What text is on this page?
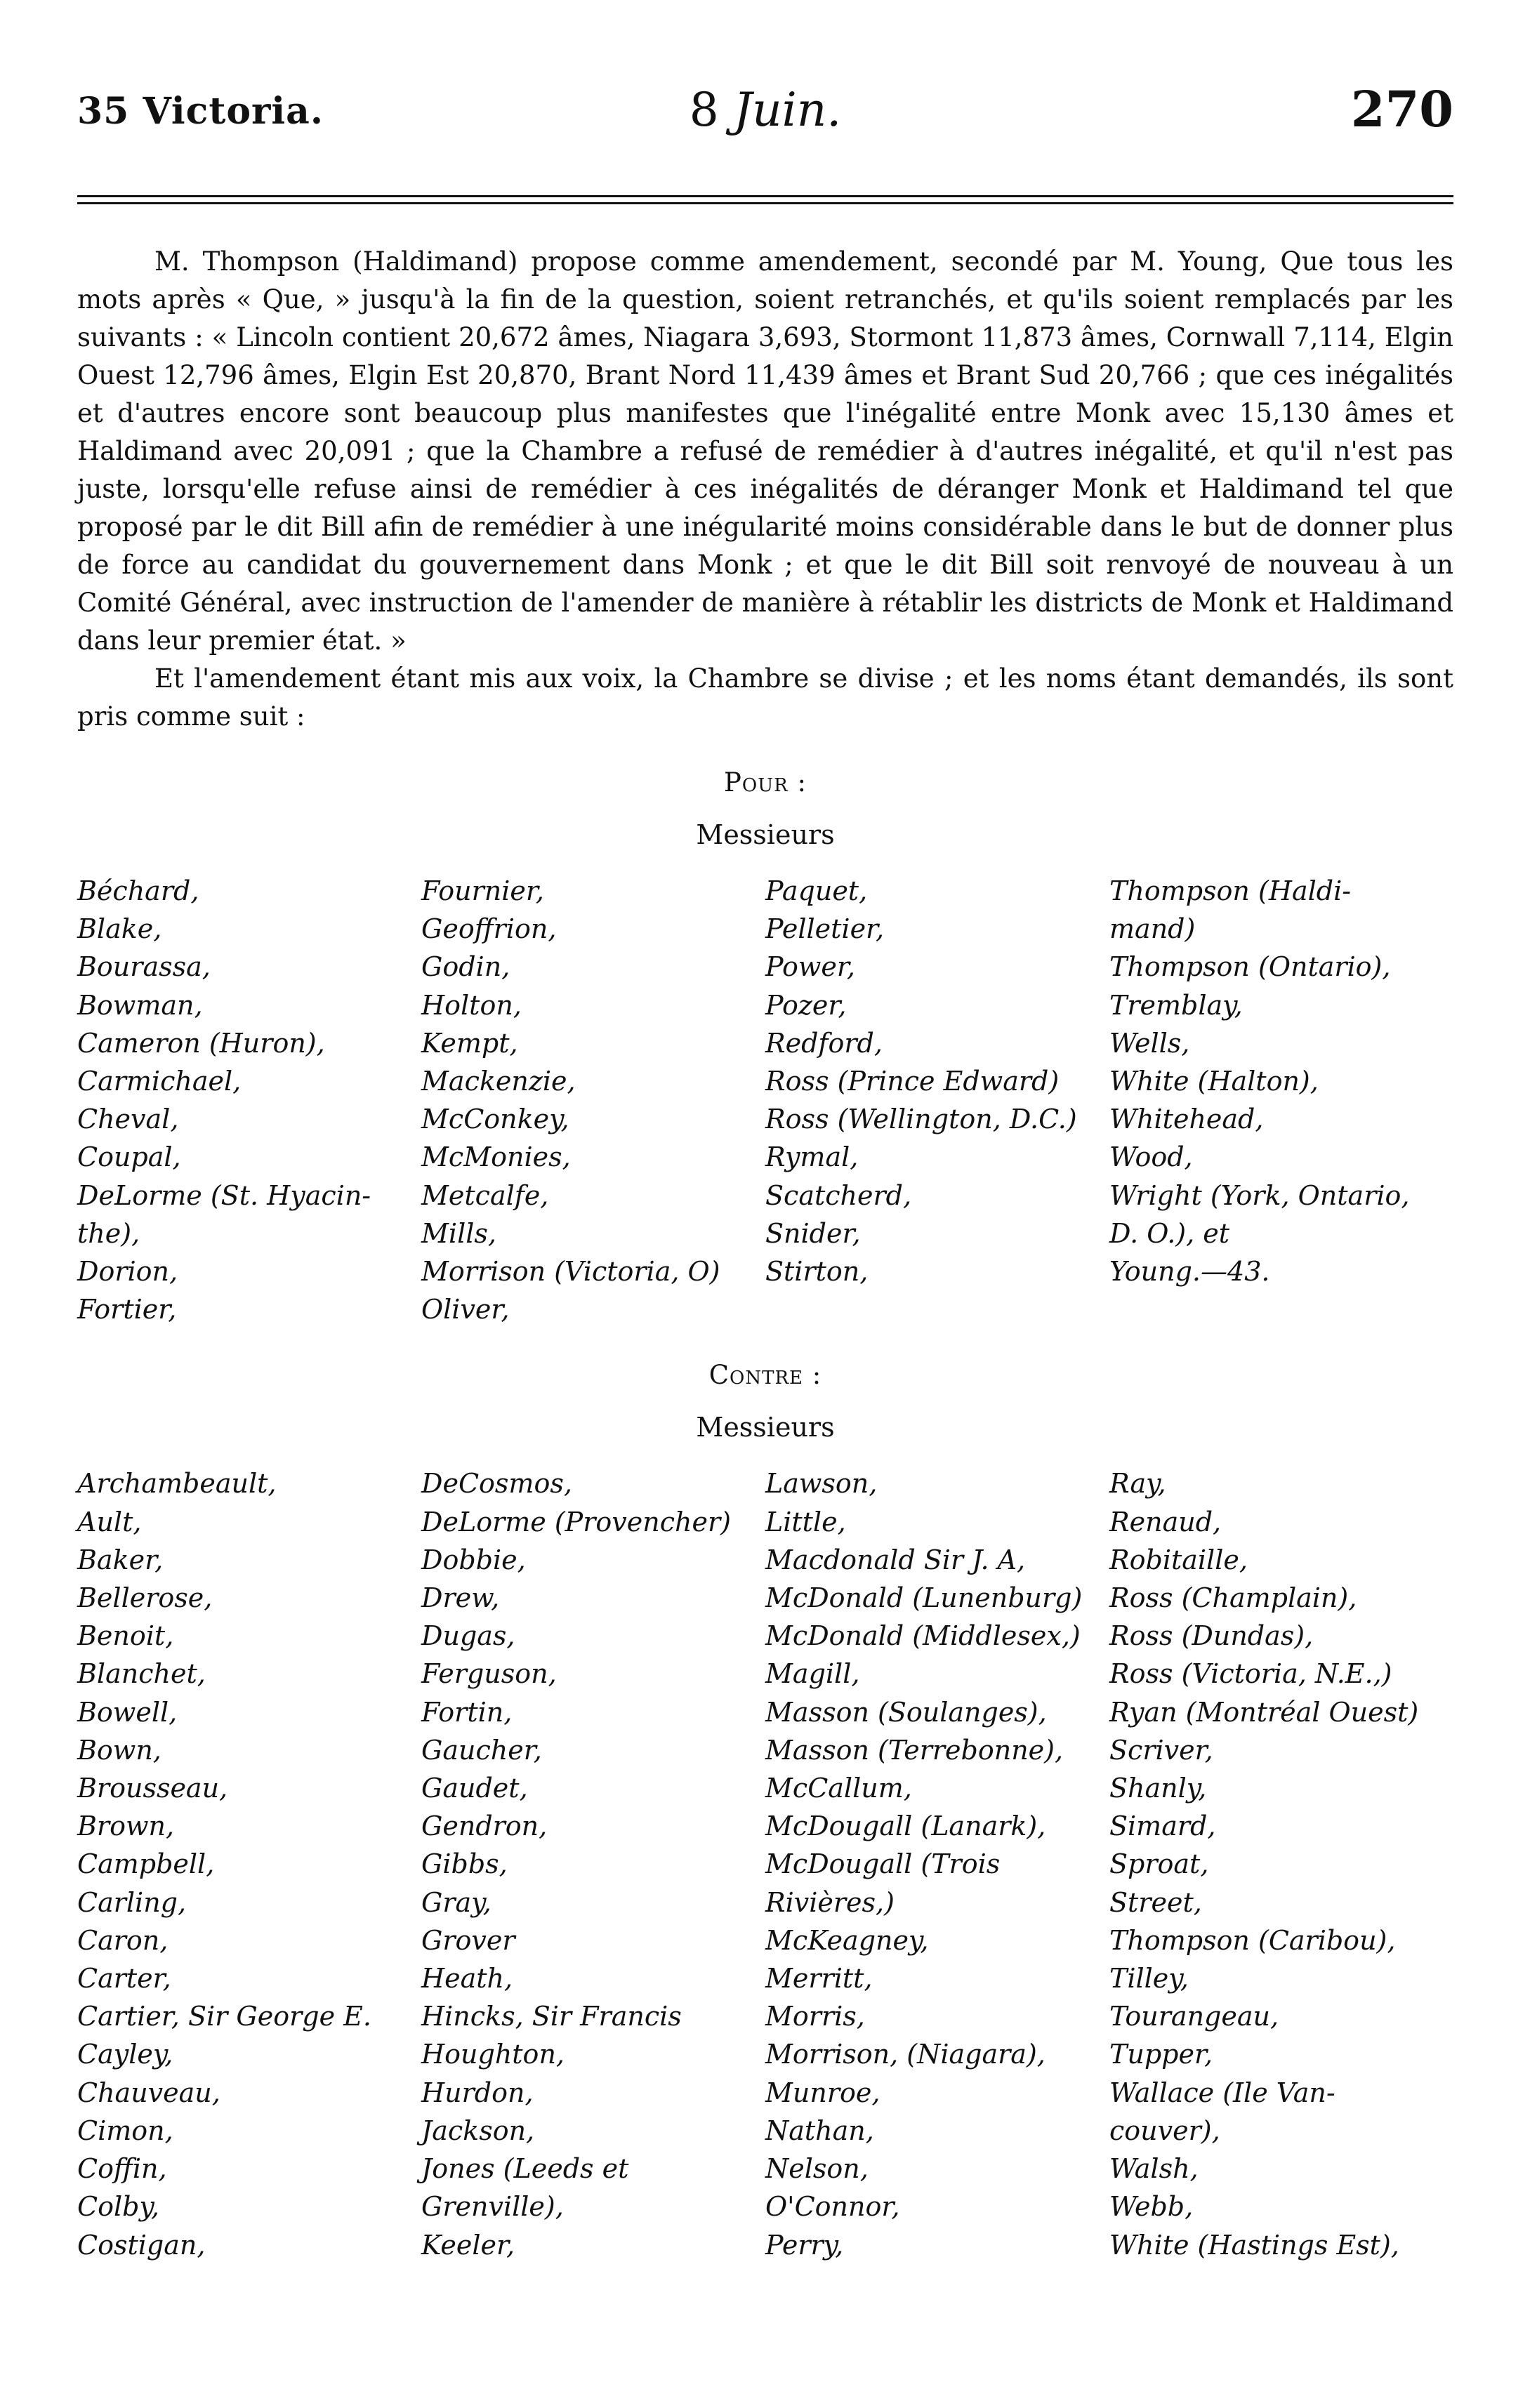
35 Victoria.	8 Juin.	270

M. Thompson (Haldimand) propose comme amendement, secondé par M. Young, Que tous les mots après « Que, » jusqu'à la fin de la question, soient retranchés, et qu'ils soient remplacés par les suivants : « Lincoln contient 20,672 âmes, Niagara 3,693, Stormont 11,873 âmes, Cornwall 7,114, Elgin Ouest 12,796 âmes, Elgin Est 20,870, Brant Nord 11,439 âmes et Brant Sud 20,766 ; que ces inégalités et d'autres encore sont beaucoup plus manifestes que l'inégalité entre Monk avec 15,130 âmes et Haldimand avec 20,091 ; que la Chambre a refusé de remédier à d'autres inégalité, et qu'il n'est pas juste, lorsqu'elle refuse ainsi de remédier à ces inégalités de déranger Monk et Haldimand tel que proposé par le dit Bill afin de remédier à une inégularité moins considérable dans le but de donner plus de force au candidat du gouvernement dans Monk ; et que le dit Bill soit renvoyé de nouveau à un Comité Général, avec instruction de l'amender de manière à rétablir les districts de Monk et Haldimand dans leur premier état. »

Et l'amendement étant mis aux voix, la Chambre se divise ; et les noms étant demandés, ils sont pris comme suit :

Pour :
Messieurs
Béchard,
Blake,
Bourassa,
Bowman,
Cameron (Huron),
Carmichael,
Cheval,
Coupal,
DeLorme (St. Hyacin-
the),
Dorion,
Fortier,
Fournier,
Geoffrion,
Godin,
Holton,
Kempt,
Mackenzie,
McConkey,
McMonies,
Metcalfe,
Mills,
Morrison (Victoria, O)
Oliver,
Paquet,
Pelletier,
Power,
Pozer,
Redford,
Ross (Prince Edward)
Ross (Wellington, D.C.)
Rymal,
Scatcherd,
Snider,
Stirton,
Thompson (Haldi-
mand)
Thompson (Ontario),
Tremblay,
Wells,
White (Halton),
Whitehead,
Wood,
Wright (York, Ontario,
D. O.), et
Young.—43.
Contre :
Messieurs
Archambeault,
Ault,
Baker,
Bellerose,
Benoit,
Blanchet,
Bowell,
Bown,
Brousseau,
Brown,
Campbell,
Carling,
Caron,
Carter,
Cartier, Sir George E.
Cayley,
Chauveau,
Cimon,
Coffin,
Colby,
Costigan,
DeCosmos,
DeLorme (Provencher)
Dobbie,
Drew,
Dugas,
Ferguson,
Fortin,
Gaucher,
Gaudet,
Gendron,
Gibbs,
Gray,
Grover
Heath,
Hincks, Sir Francis
Houghton,
Hurdon,
Jackson,
Jones (Leeds et
Grenville),
Keeler,
Lawson,
Little,
Macdonald Sir J. A,
McDonald (Lunenburg)
McDonald (Middlesex,)
Magill,
Masson (Soulanges),
Masson (Terrebonne),
McCallum,
McDougall (Lanark),
McDougall (Trois
Rivières,)
McKeagney,
Merritt,
Morris,
Morrison, (Niagara),
Munroe,
Nathan,
Nelson,
O'Connor,
Perry,
Ray,
Renaud,
Robitaille,
Ross (Champlain),
Ross (Dundas),
Ross (Victoria, N.E.,)
Ryan (Montréal Ouest)
Scriver,
Shanly,
Simard,
Sproat,
Street,
Thompson (Caribou),
Tilley,
Tourangeau,
Tupper,
Wallace (Ile Van-
couver),
Walsh,
Webb,
White (Hastings Est),
